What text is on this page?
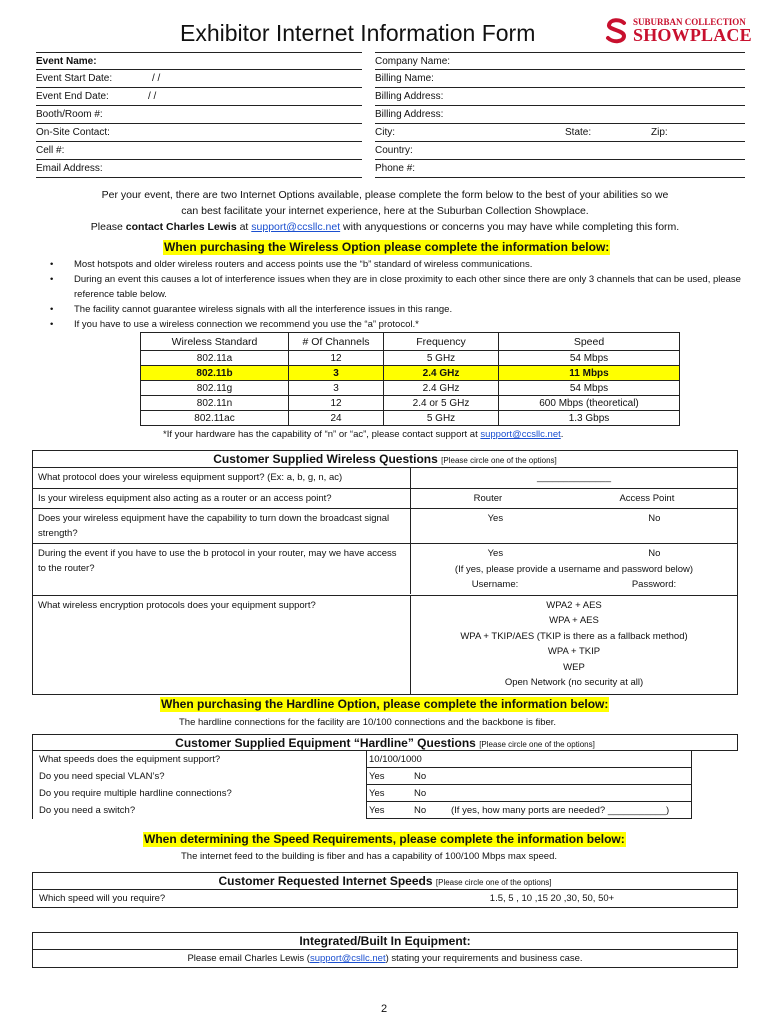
Exhibitor Internet Information Form	SUBURBAN COLLECTION
SHOWPLACE
Event Name:
Event Start Date:	/ /
Event End Date:	/ /
Booth/Room #:
On-Site Contact:
Cell #:
Email Address:
Company Name:
Billing Name:
Billing Address:
Billing Address:
City:	State:	Zip:
Country:
Phone #:
Per your event, there are two Internet Options available, please complete the form below to the best of your abilities so we
can best facilitate your internet experience, here at the Suburban Collection Showplace.
Please contact Charles Lewis at support@ccsllc.net with anyquestions or concerns you may have while completing this form.
When purchasing the Wireless Option please complete the information below:
• Most hotspots and older wireless routers and access points use the “b” standard of wireless communications.
• During an event this causes a lot of interference issues when they are in close proximity to each other since there are only 3 channels that can be used, please reference table below.
• The facility cannot guarantee wireless signals with all the interference issues in this range.
• If you have to use a wireless connection we recommend you use the “a” protocol.*
Wireless Standard	# Of Channels	Frequency	Speed
802.11a	12	5 GHz	54 Mbps
802.11b	3	2.4 GHz	11 Mbps
802.11g	3	2.4 GHz	54 Mbps
802.11n	12	2.4 or 5 GHz	600 Mbps (theoretical)
802.11ac	24	5 GHz	1.3 Gbps
*If your hardware has the capability of “n” or “ac”, please contact support at support@ccsllc.net.
Customer Supplied Wireless Questions [Please circle one of the options]
What protocol does your wireless equipment support? (Ex: a, b, g, n, ac)	______________
Is your wireless equipment also acting as a router or an access point?	Router	Access Point
Does your wireless equipment have the capability to turn down the broadcast signal strength?
Yes	No
During the event if you have to use the b protocol in your router, may we have access to the router?
Yes	No
(If yes, please provide a username and password below)
Username:	Password:
What wireless encryption protocols does your equipment support?	WPA2 + AES
WPA + AES
WPA + TKIP/AES (TKIP is there as a fallback method)
WPA + TKIP
WEP
Open Network (no security at all)
When purchasing the Hardline Option, please complete the information below:
The hardline connections for the facility are 10/100 connections and the backbone is fiber.
Customer Supplied Equipment “Hardline” Questions [Please circle one of the options]
What speeds does the equipment support?	10/100/1000
Do you need special VLAN’s?	Yes	No
Do you require multiple hardline connections?	Yes	No
Do you need a switch?	Yes	No	(If yes, how many ports are needed? ___________)
When determining the Speed Requirements, please complete the information below:
The internet feed to the building is fiber and has a capability of 100/100 Mbps max speed.
Customer Requested Internet Speeds [Please circle one of the options]
Which speed will you require?	1.5, 5 , 10 ,15 20 ,30, 50, 50+
Integrated/Built In Equipment:
Please email Charles Lewis (support@csllc.net) stating your requirements and business case.
2
